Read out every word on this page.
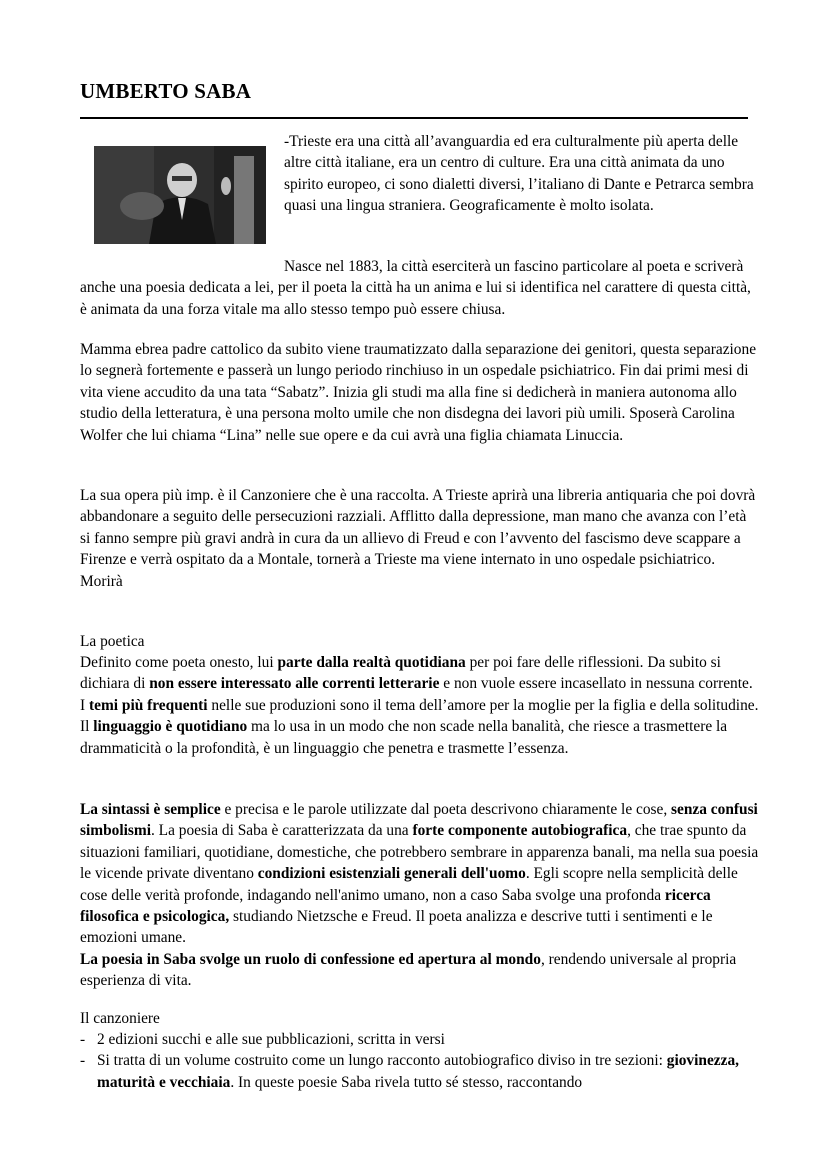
UMBERTO SABA

-Trieste era una città all’avanguardia ed era culturalmente più aperta delle altre città italiane, era un centro di culture. Era una città animata da uno spirito europeo, ci sono dialetti diversi, l’italiano di Dante e Petrarca sembra quasi una lingua straniera. Geograficamente è molto isolata.

Nasce nel 1883, la città eserciterà un fascino particolare al poeta e scriverà anche una poesia dedicata a lei, per il poeta la città ha un anima e lui si identifica nel carattere di questa città, è animata da una forza vitale ma allo stesso tempo può essere chiusa.

Mamma ebrea padre cattolico da subito viene traumatizzato dalla separazione dei genitori, questa separazione lo segnerà fortemente e passerà un lungo periodo rinchiuso in un ospedale psichiatrico. Fin dai primi mesi di vita viene accudito da una tata “Sabatz”. Inizia gli studi ma alla fine si dedicherà in maniera autonoma allo studio della letteratura, è una persona molto umile che non disdegna dei lavori più umili. Sposerà Carolina Wolfer che lui chiama “Lina” nelle sue opere e da cui avrà una figlia chiamata Linuccia.

La sua opera più imp. è il Canzoniere che è una raccolta. A Trieste aprirà una libreria antiquaria che poi dovrà abbandonare a seguito delle persecuzioni razziali. Afflitto dalla depressione, man mano che avanza con l’età si fanno sempre più gravi andrà in cura da un allievo di Freud e con l’avvento del fascismo deve scappare a Firenze e verrà ospitato da a Montale, tornerà a Trieste ma viene internato in uno ospedale psichiatrico. Morirà

La poetica

Definito come poeta onesto, lui parte dalla realtà quotidiana per poi fare delle riflessioni. Da subito si dichiara di non essere interessato alle correnti letterarie e non vuole essere incasellato in nessuna corrente. I temi più frequenti nelle sue produzioni sono il tema dell’amore per la moglie per la figlia e della solitudine. Il linguaggio è quotidiano ma lo usa in un modo che non scade nella banalità, che riesce a trasmettere la drammaticità o la profondità, è un linguaggio che penetra e trasmette l’essenza.

La sintassi è semplice e precisa e le parole utilizzate dal poeta descrivono chiaramente le cose, senza confusi simbolismi. La poesia di Saba è caratterizzata da una forte componente autobiografica, che trae spunto da situazioni familiari, quotidiane, domestiche, che potrebbero sembrare in apparenza banali, ma nella sua poesia le vicende private diventano condizioni esistenziali generali dell'uomo. Egli scopre nella semplicità delle cose delle verità profonde, indagando nell'animo umano, non a caso Saba svolge una profonda ricerca filosofica e psicologica, studiando Nietzsche e Freud. Il poeta analizza e descrive tutti i sentimenti e le emozioni umane.
La poesia in Saba svolge un ruolo di confessione ed apertura al mondo, rendendo universale al propria esperienza di vita.

Il canzoniere

- 2 edizioni succhi e alle sue pubblicazioni, scritta in versi
- Si tratta di un volume costruito come un lungo racconto autobiografico diviso in tre sezioni: giovinezza, maturità e vecchiaia. In queste poesie Saba rivela tutto sé stesso, raccontando
